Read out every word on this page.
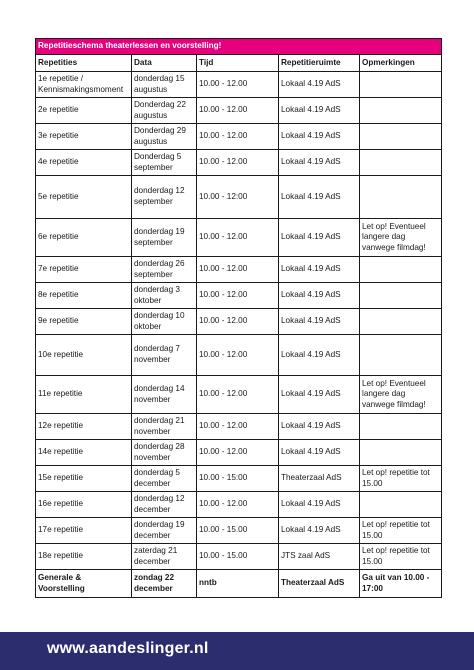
Repetitieschema theaterlessen en voorstelling!				
Repetities	Data	Tijd	Repetitieruimte	Opmerkingen
1e repetitie / Kennismakingsmoment	donderdag 15 augustus	10.00 - 12.00	Lokaal 4.19 AdS	
2e repetitie	Donderdag 22 augustus	10.00 - 12.00	Lokaal 4.19 AdS	
3e repetitie	Donderdag 29 augustus	10.00 - 12.00	Lokaal 4.19 AdS	
4e repetitie	Donderdag 5 september	10.00 - 12.00	Lokaal 4.19 AdS	
5e repetitie	donderdag 12 september	10.00 - 12:00	Lokaal 4.19 AdS	
6e repetitie	donderdag 19 september	10.00 - 12.00	Lokaal 4.19 AdS	Let op! Eventueel langere dag vanwege filmdag!
7e repetitie	donderdag 26 september	10.00 - 12.00	Lokaal 4.19 AdS	
8e repetitie	donderdag 3 oktober	10.00 - 12.00	Lokaal 4.19 AdS	
9e repetitie	donderdag 10 oktober	10.00 - 12.00	Lokaal 4.19 AdS	
10e repetitie	donderdag 7 november	10.00 - 12.00	Lokaal 4.19 AdS	
11e repetitie	donderdag 14 november	10.00 - 12.00	Lokaal 4.19 AdS	Let op! Eventueel langere dag vanwege filmdag!
12e repetitie	donderdag 21 november	10.00 - 12.00	Lokaal 4.19 AdS	
14e repetitie	donderdag 28 november	10.00 - 12.00	Lokaal 4.19 AdS	
15e repetitie	donderdag 5 december	10.00 - 15:00	Theaterzaal AdS	Let op! repetitie tot 15.00
16e repetitie	donderdag 12 december	10.00 - 12.00	Lokaal 4.19 AdS	
17e repetitie	donderdag 19 december	10.00 - 15.00	Lokaal 4.19 AdS	Let op! repetitie tot 15.00
18e repetitie	zaterdag 21 december	10.00 - 15.00	JTS zaal AdS	Let op! repetitie tot 15.00
Generale & Voorstelling	zondag 22 december	nntb	Theaterzaal AdS	Ga uit van 10.00 - 17:00
www.aandeslinger.nl
